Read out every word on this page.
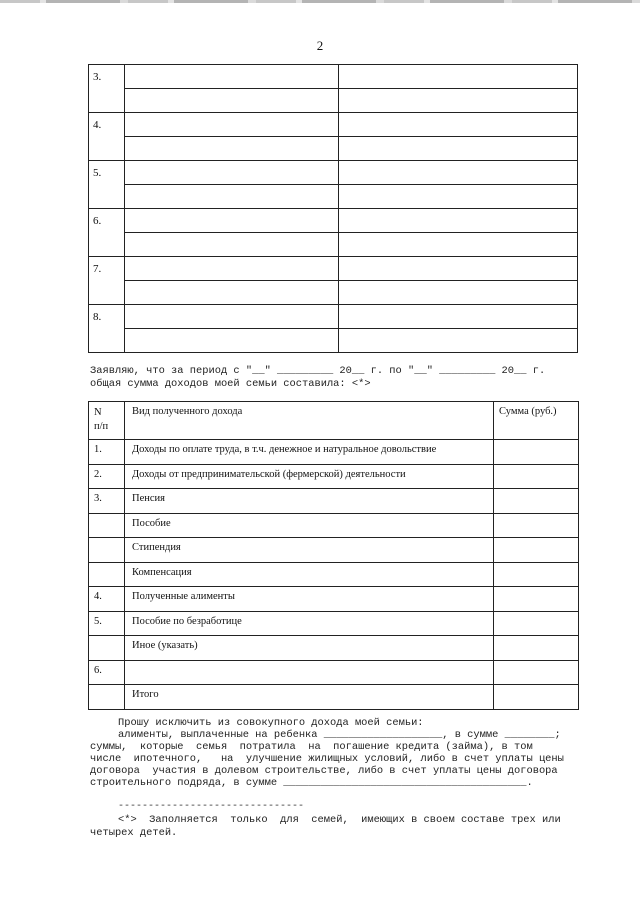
2
3.		

4.		

5.		

6.		

7.		

8.		

Заявляю, что за период с "__" _________ 20__ г. по "__" _________ 20__ г.
общая сумма доходов моей семьи составила: <*>
N
п/п	Вид полученного дохода	Сумма (руб.)
1.	Доходы по оплате труда, в т.ч. денежное и натуральное довольствие	
2.	Доходы от предпринимательской (фермерской) деятельности	
3.	Пенсия	
	Пособие	
	Стипендия	
	Компенсация	
4.	Полученные алименты	
5.	Пособие по безработице	
	Иное (указать)	
6.		
	Итого	
Прошу исключить из совокупного дохода моей семьи:
алименты, выплаченные на ребенка ___________________, в сумме ________;
суммы,  которые  семья  потратила  на  погашение кредита (займа), в том
числе  ипотечного,   на  улучшение жилищных условий, либо в счет уплаты цены
договора  участия в долевом строительстве, либо в счет уплаты цены договора
строительного подряда, в сумме _______________________________________.
-------------------------------
<*>  Заполняется  только  для  семей,  имеющих в своем составе трех или
четырех детей.
